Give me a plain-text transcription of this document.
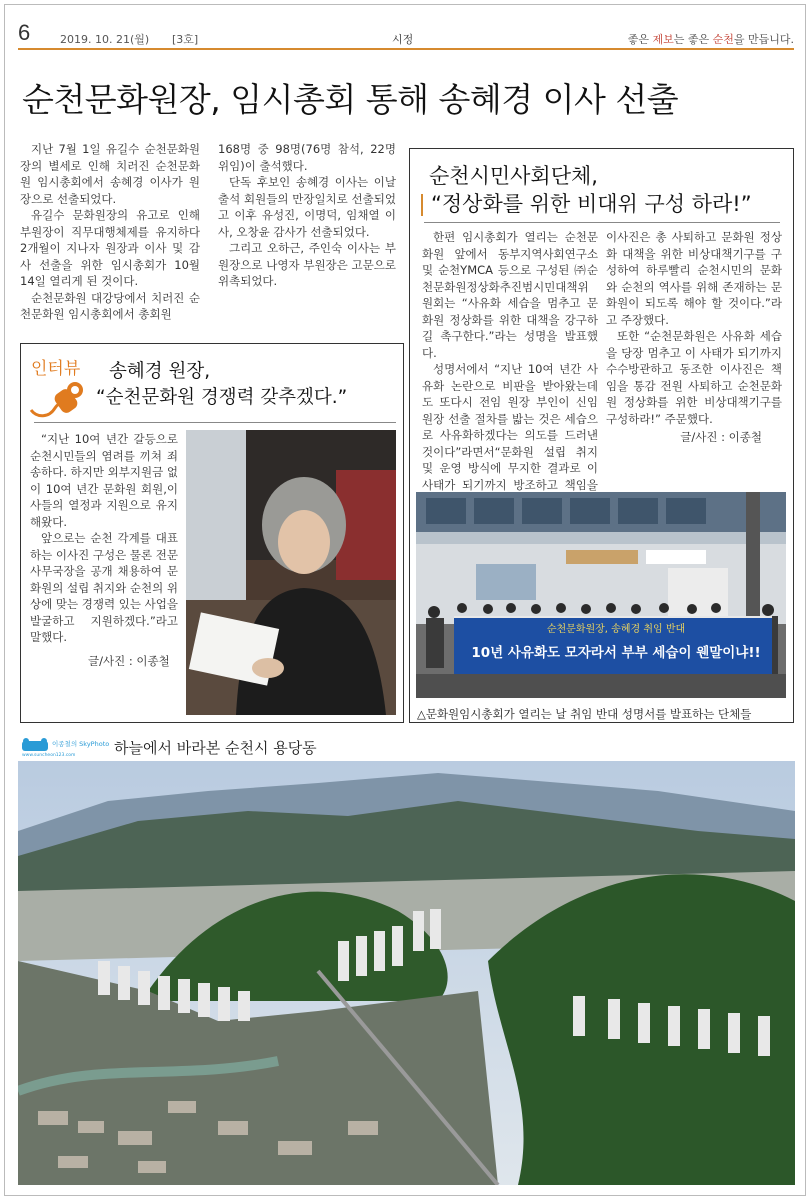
6	2019. 10. 21(월) [3호]	시정	좋은 제보는 좋은 순천을 만듭니다.
순천문화원장, 임시총회 통해 송혜경 이사 선출

지난 7월 1일 유길수 순천문화원장의 별세로 인해 치러진 순천문화원 임시총회에서 송혜경 이사가 원장으로 선출되었다.

유길수 문화원장의 유고로 인해 부원장이 직무대행체제를 유지하다 2개월이 지나자 원장과 이사 및 감사 선출을 위한 임시총회가 10월 14일 열리게 된 것이다.

순천문화원 대강당에서 치러진 순천문화원 임시총회에서 총회원

168명 중 98명(76명 참석, 22명 위임)이 출석했다.

단독 후보인 송혜경 이사는 이날 출석 회원들의 만장일치로 선출되었고 이후 유성진, 이명덕, 임채열 이사, 오창윤 감사가 선출되었다.

그리고 오하근, 주인숙 이사는 부원장으로 나영자 부원장은 고문으로 위촉되었다.

순천시민사회단체,
“정상화를 위한 비대위 구성 하라!”

한편 임시총회가 열리는 순천문화원 앞에서 동부지역사회연구소 및 순천YMCA 등으로 구성된 ㈜순천문화원정상화추진범시민대책위원회는 “사유화 세습을 멈추고 문화원 정상화를 위한 대책을 강구하길 촉구한다.”라는 성명을 발표했다.

성명서에서 “지난 10여 년간 사유화 논란으로 비판을 받아왔는데도 또다시 전임 원장 부인이 신임 원장 선출 절차를 밟는 것은 세습으로 사유화하겠다는 의도를 드러낸 것이다”라면서“문화원 설립 취지 및 운영 방식에 무지한 결과로 이 사태가 되기까지 방조하고 책임을

이사진은 총 사퇴하고 문화원 정상화 대책을 위한 비상대책기구를 구성하여 하루빨리 순천시민의 문화와 순천의 역사를 위해 존재하는 문화원이 되도록 해야 할 것이다.”라고 주장했다.

또한 “순천문화원은 사유화 세습을 당장 멈추고 이 사태가 되기까지 수수방관하고 동조한 이사진은 책임을 통감 전원 사퇴하고 순천문화원 정상화를 위한 비상대책기구를 구성하라!” 주문했다.

글/사진 : 이종철

순천문화원장, 송혜경 취임 반대
10년 사유화도 모자라서 부부 세습이 웬말이냐!!
△문화원임시총회가 열리는 날 취임 반대 성명서를 발표하는 단체들
인터뷰 송혜경 원장,
“순천문화원 경쟁력 갖추겠다.”

“지난 10여 년간 갈등으로 순천시민들의 염려를 끼쳐 죄송하다. 하지만 외부지원금 없이 10여 년간 문화원 회원,이사들의 열정과 지원으로 유지해왔다.

앞으로는 순천 각계를 대표하는 이사진 구성은 물론 전문 사무국장을 공개 채용하여 문화원의 설립 취지와 순천의 위상에 맞는 경쟁력 있는 사업을 발굴하고 지원하겠다.”라고 말했다.

글/사진 : 이종철
이종철의 SkyPhoto
www.suncheon123.com	하늘에서 바라본 순천시 용당동
